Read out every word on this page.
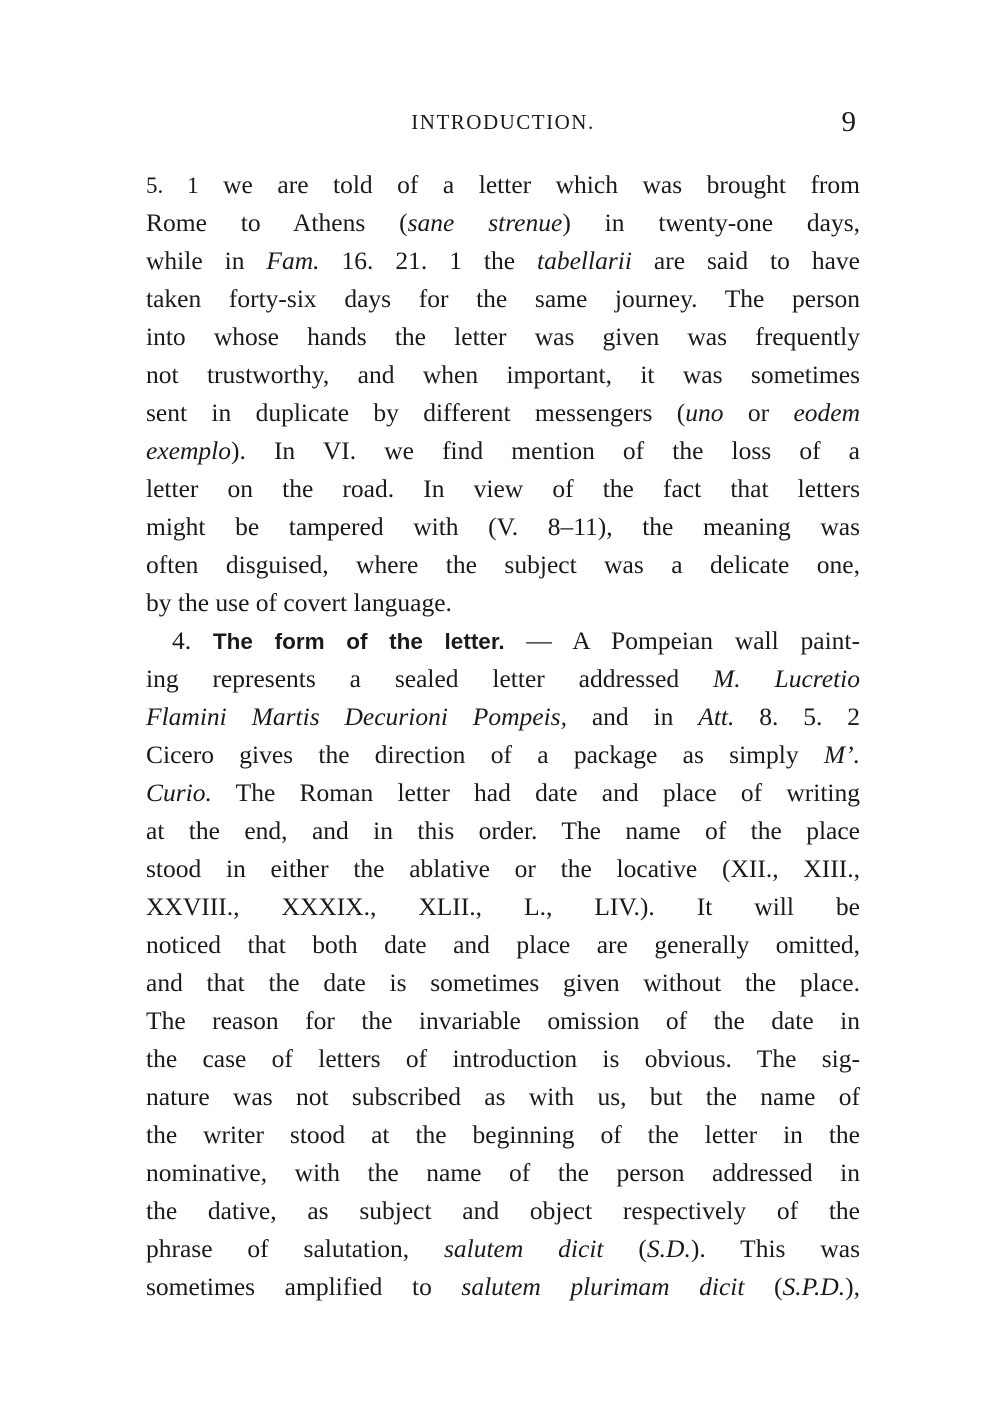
INTRODUCTION.	9
5. 1 we are told of a letter which was brought from
Rome to Athens (sane strenue) in twenty-one days,
while in Fam. 16. 21. 1 the tabellarii are said to have
taken forty-six days for the same journey. The person
into whose hands the letter was given was frequently
not trustworthy, and when important, it was sometimes
sent in duplicate by different messengers (uno or eodem
exemplo). In VI. we find mention of the loss of a
letter on the road. In view of the fact that letters
might be tampered with (V. 8–11), the meaning was
often disguised, where the subject was a delicate one,
by the use of covert language.
4. The form of the letter. — A Pompeian wall paint-
ing represents a sealed letter addressed M. Lucretio
Flamini Martis Decurioni Pompeis, and in Att. 8. 5. 2
Cicero gives the direction of a package as simply M’.
Curio. The Roman letter had date and place of writing
at the end, and in this order. The name of the place
stood in either the ablative or the locative (XII., XIII.,
XXVIII., XXXIX., XLII., L., LIV.). It will be
noticed that both date and place are generally omitted,
and that the date is sometimes given without the place.
The reason for the invariable omission of the date in
the case of letters of introduction is obvious. The sig-
nature was not subscribed as with us, but the name of
the writer stood at the beginning of the letter in the
nominative, with the name of the person addressed in
the dative, as subject and object respectively of the
phrase of salutation, salutem dicit (S.D.). This was
sometimes amplified to salutem plurimam dicit (S.P.D.),
